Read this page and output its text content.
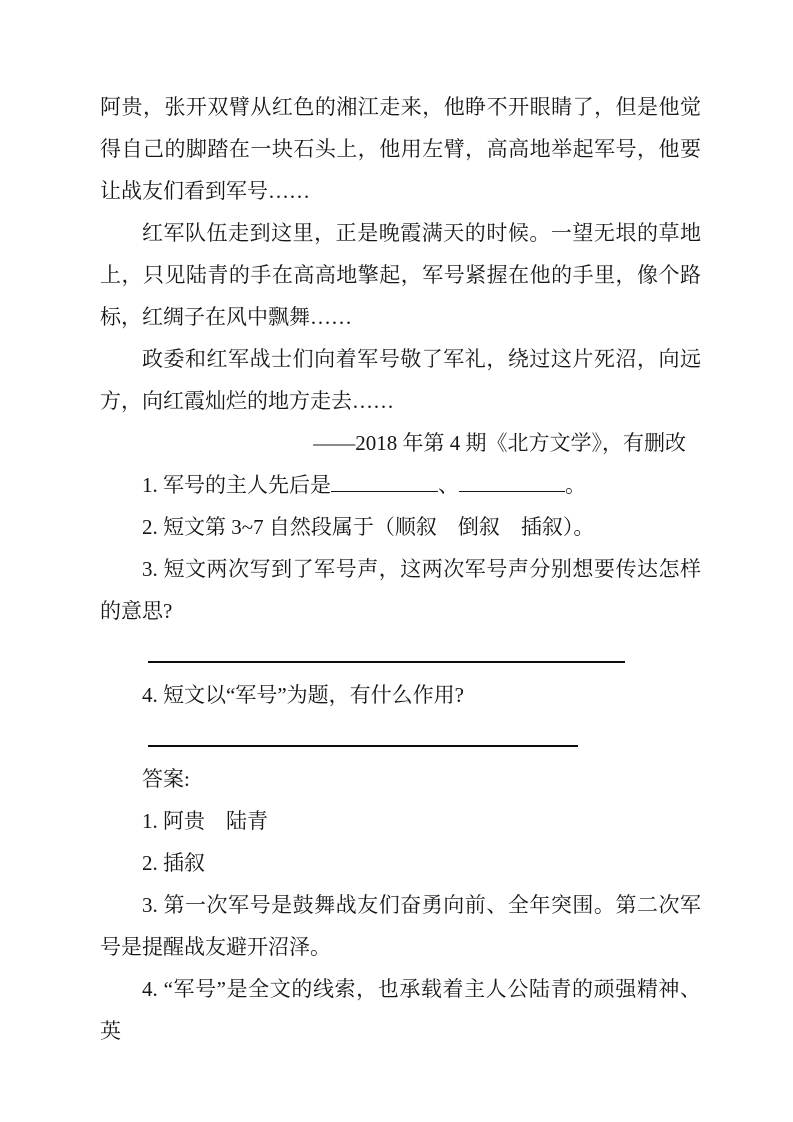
阿贵，张开双臂从红色的湘江走来，他睁不开眼睛了，但是他觉得自己的脚踏在一块石头上，他用左臂，高高地举起军号，他要让战友们看到军号……

红军队伍走到这里，正是晚霞满天的时候。一望无垠的草地上，只见陆青的手在高高地擎起，军号紧握在他的手里，像个路标，红绸子在风中飘舞……

政委和红军战士们向着军号敬了军礼，绕过这片死沼，向远方，向红霞灿烂的地方走去……

——2018 年第 4 期《北方文学》，有删改

1. 军号的主人先后是	、	。

2. 短文第 3~7 自然段属于（顺叙　倒叙　插叙）。

3. 短文两次写到了军号声，这两次军号声分别想要传达怎样的意思?

4. 短文以“军号”为题，有什么作用?

答案:

1. 阿贵　陆青

2. 插叙

3. 第一次军号是鼓舞战友们奋勇向前、全年突围。第二次军号是提醒战友避开沼泽。

4. “军号”是全文的线索，也承载着主人公陆青的顽强精神、英
